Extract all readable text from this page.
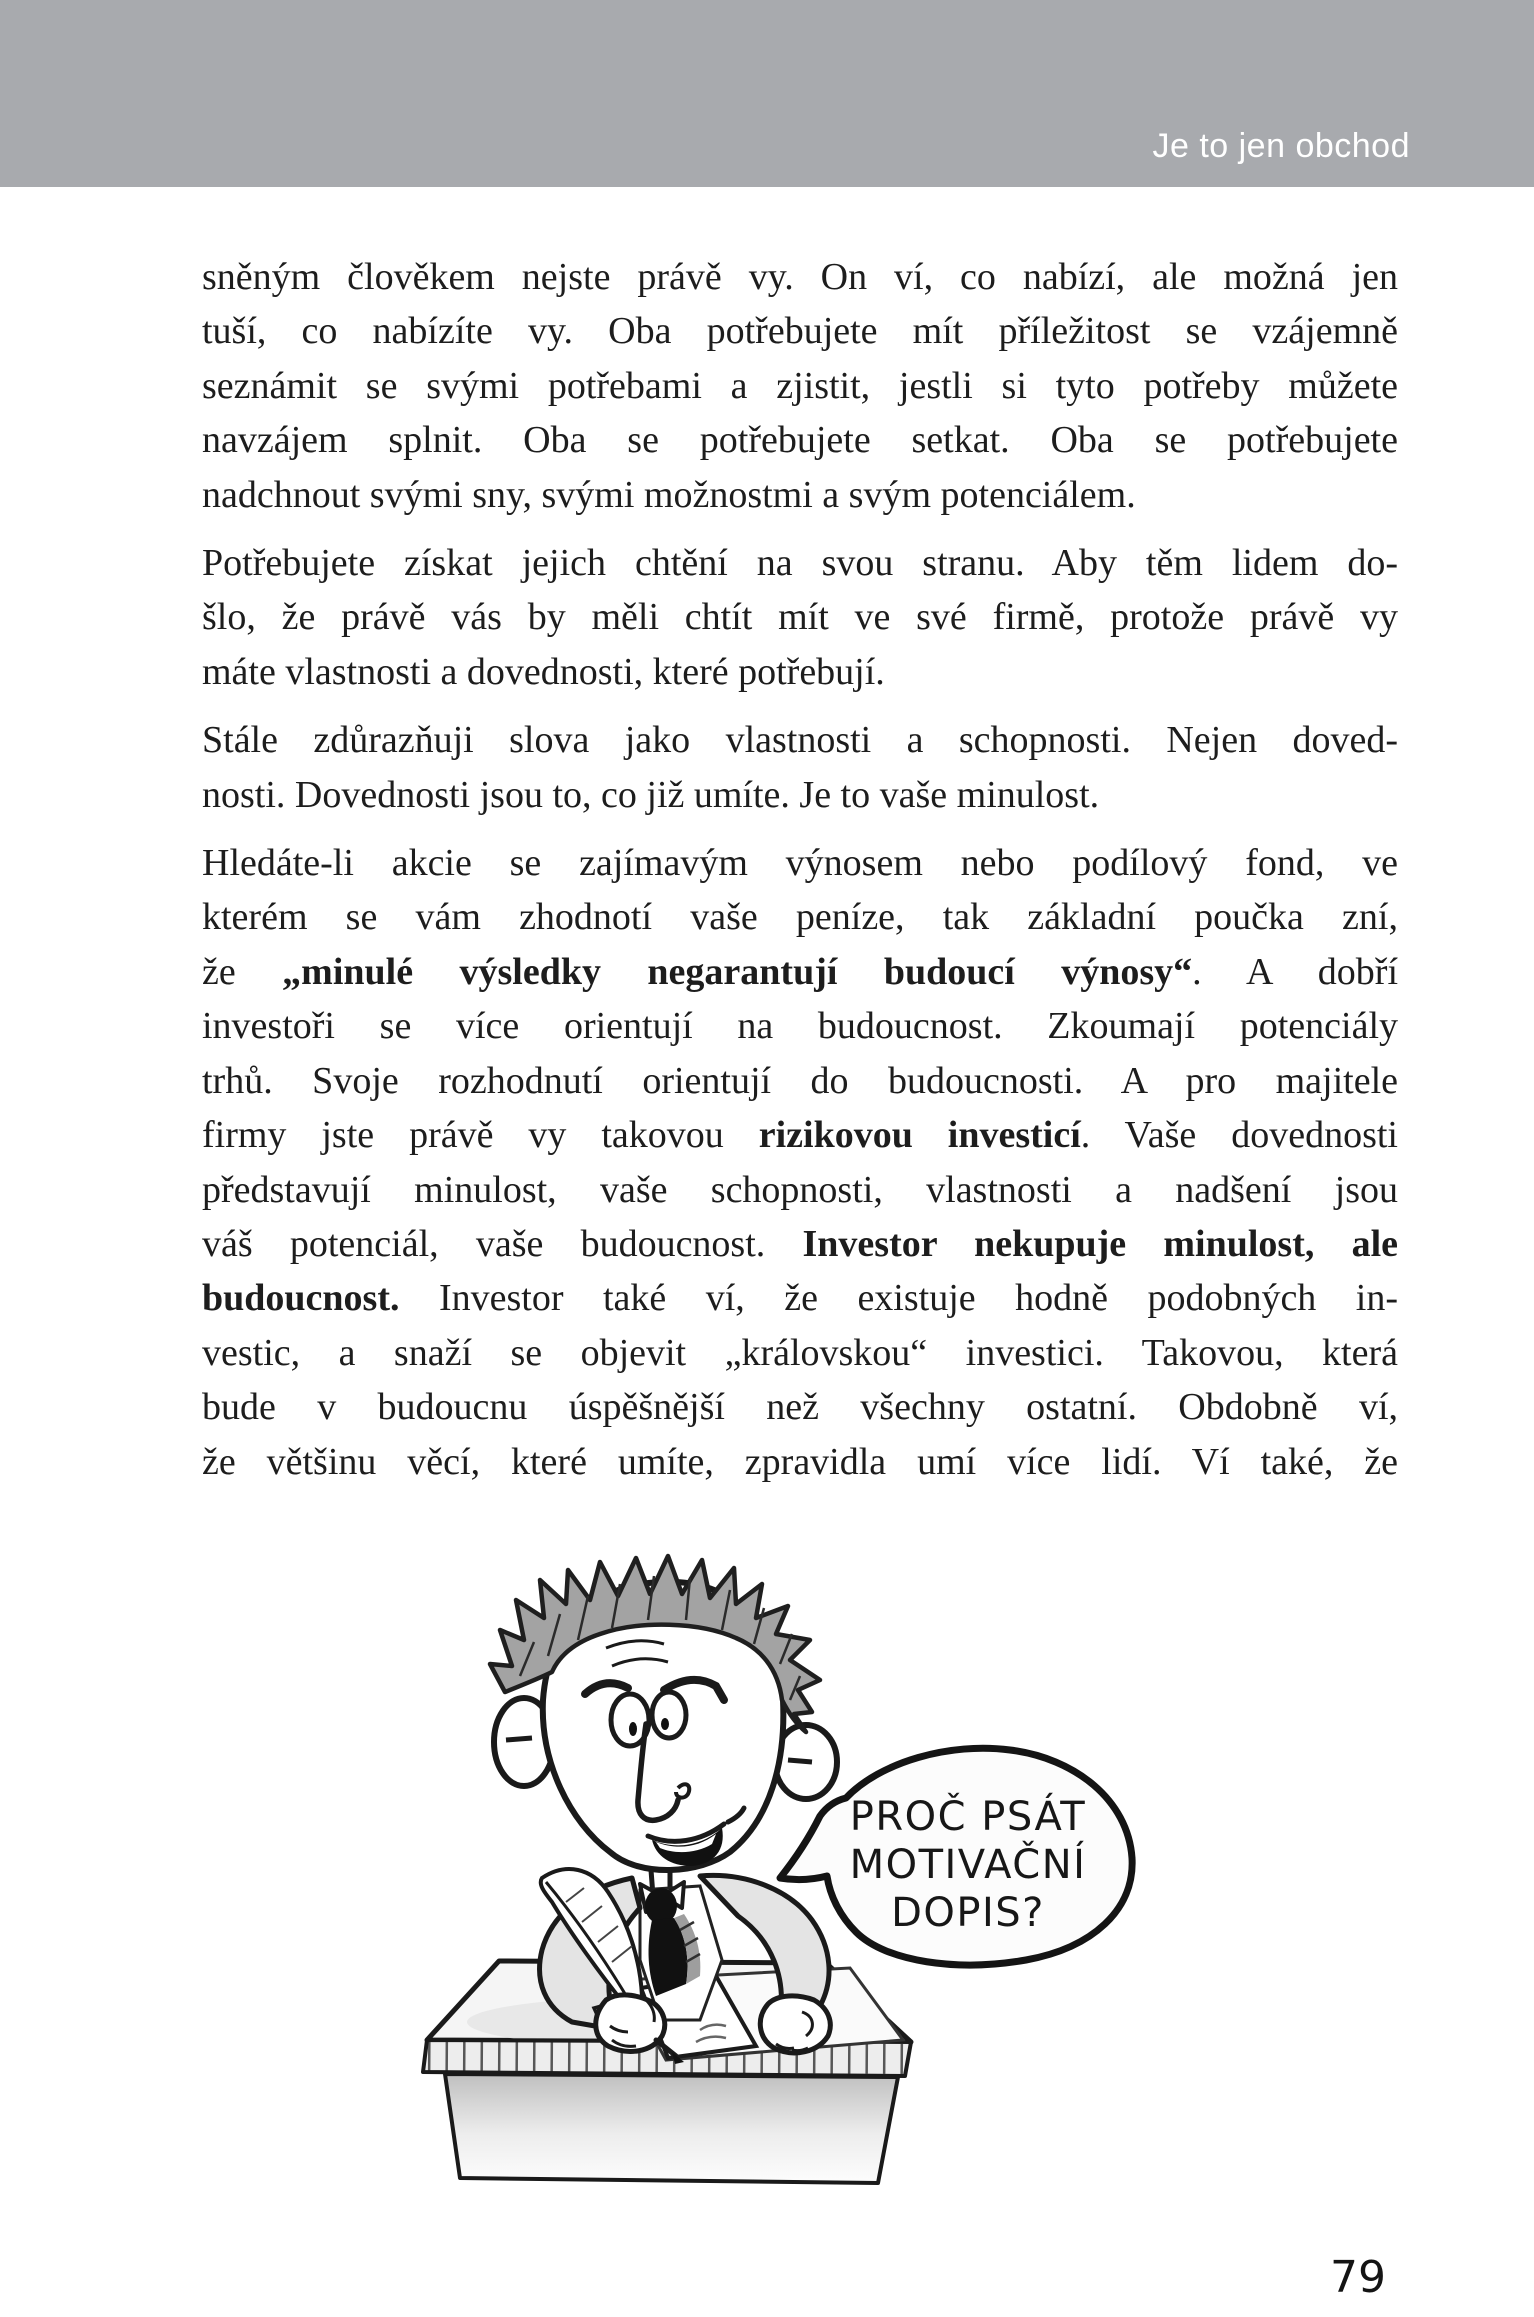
Je to jen obchod
sněným člověkem nejste právě vy. On ví, co nabízí, ale možná jen
tuší, co nabízíte vy. Oba potřebujete mít příležitost se vzájemně
seznámit se svými potřebami a zjistit, jestli si tyto potřeby můžete
navzájem splnit. Oba se potřebujete setkat. Oba se potřebujete
nadchnout svými sny, svými možnostmi a svým potenciálem.
Potřebujete získat jejich chtění na svou stranu. Aby těm lidem do-
šlo, že právě vás by měli chtít mít ve své firmě, protože právě vy
máte vlastnosti a dovednosti, které potřebují.
Stále zdůrazňuji slova jako vlastnosti a schopnosti. Nejen doved-
nosti. Dovednosti jsou to, co již umíte. Je to vaše minulost.
Hledáte-li akcie se zajímavým výnosem nebo podílový fond, ve
kterém se vám zhodnotí vaše peníze, tak základní poučka zní,
že „minulé výsledky negarantují budoucí výnosy“. A dobří
investoři se více orientují na budoucnost. Zkoumají potenciály
trhů. Svoje rozhodnutí orientují do budoucnosti. A pro majitele
firmy jste právě vy takovou rizikovou investicí. Vaše dovednosti
představují minulost, vaše schopnosti, vlastnosti a nadšení jsou
váš potenciál, vaše budoucnost. Investor nekupuje minulost, ale
budoucnost. Investor také ví, že existuje hodně podobných in-
vestic, a snaží se objevit „královskou“ investici. Takovou, která
bude v budoucnu úspěšnější než všechny ostatní. Obdobně ví,
že většinu věcí, které umíte, zpravidla umí více lidí. Ví také, že
PROČ PSÁT
MOTIVAČNÍ
DOPIS?
79
